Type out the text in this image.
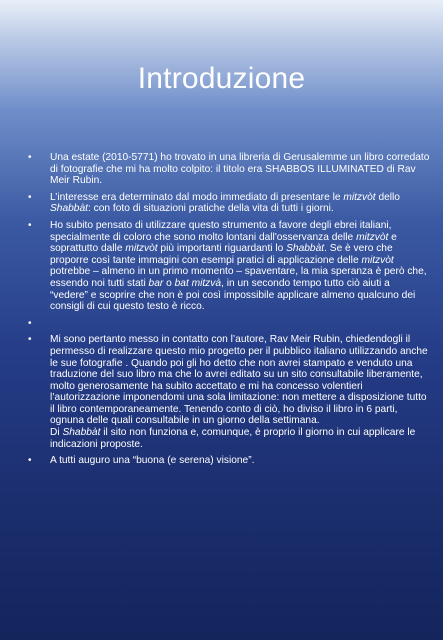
Introduzione
• Una estate (2010-5771) ho trovato in una libreria di Gerusalemme un libro corredato di fotografie che mi ha molto colpito: il titolo era SHABBOS ILLUMINATED di Rav Meir Rubin.
• L’interesse era determinato dal modo immediato di presentare le mitzvòt dello Shabbàt: con foto di situazioni pratiche della vita di tutti i giorni.
• Ho subito pensato di utilizzare questo strumento a favore degli ebrei italiani, specialmente di coloro che sono molto lontani dall'osservanza delle mitzvòt e soprattutto dalle mitzvòt più importanti riguardanti lo Shabbàt. Se è vero che proporre così tante immagini con esempi pratici di applicazione delle mitzvòt potrebbe – almeno in un primo momento – spaventare, la mia speranza è però che, essendo noi tutti stati bar o bat mitzvà, in un secondo tempo tutto ciò aiuti a “vedere” e scoprire che non è poi così impossibile applicare almeno qualcuno dei consigli di cui questo testo è ricco.
•

• Mi sono pertanto messo in contatto con l’autore, Rav Meir Rubin, chiedendogli il permesso di realizzare questo mio progetto per il pubblico italiano utilizzando anche le sue fotografie . Quando poi gli ho detto che non avrei stampato e venduto una traduzione del suo libro ma che lo avrei editato su un sito consultabile liberamente, molto generosamente ha subito accettato e mi ha concesso volentieri l’autorizzazione imponendomi una sola limitazione: non mettere a disposizione tutto il libro contemporaneamente. Tenendo conto di ciò, ho diviso il libro in 6 parti, ognuna delle quali consultabile in un giorno della settimana.
Di Shabbàt il sito non funziona e, comunque, è proprio il giorno in cui applicare le indicazioni proposte.
• A tutti auguro una “buona (e serena) visione”.
